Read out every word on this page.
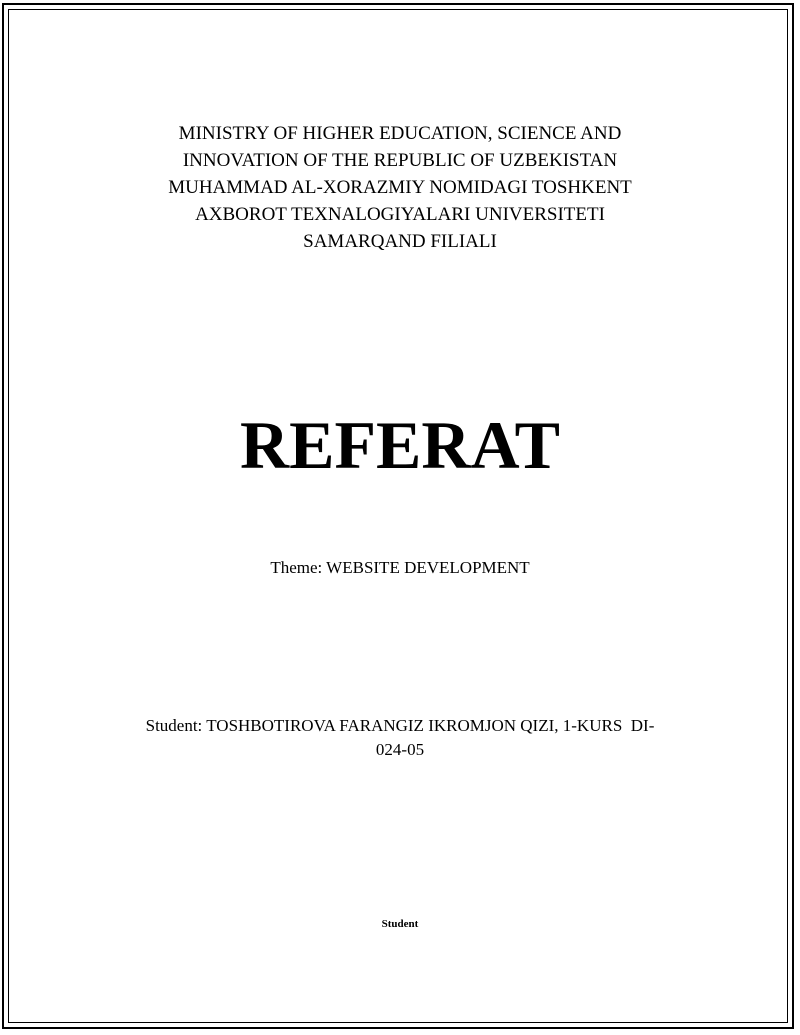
MINISTRY OF HIGHER EDUCATION, SCIENCE AND
INNOVATION OF THE REPUBLIC OF UZBEKISTAN
MUHAMMAD AL-XORAZMIY NOMIDAGI TOSHKENT
AXBOROT TEXNALOGIYALARI UNIVERSITETI
SAMARQAND FILIALI
REFERAT
Theme: WEBSITE DEVELOPMENT
Student: TOSHBOTIROVA FARANGIZ IKROMJON QIZI, 1-KURS  DI-
024-05
Student
